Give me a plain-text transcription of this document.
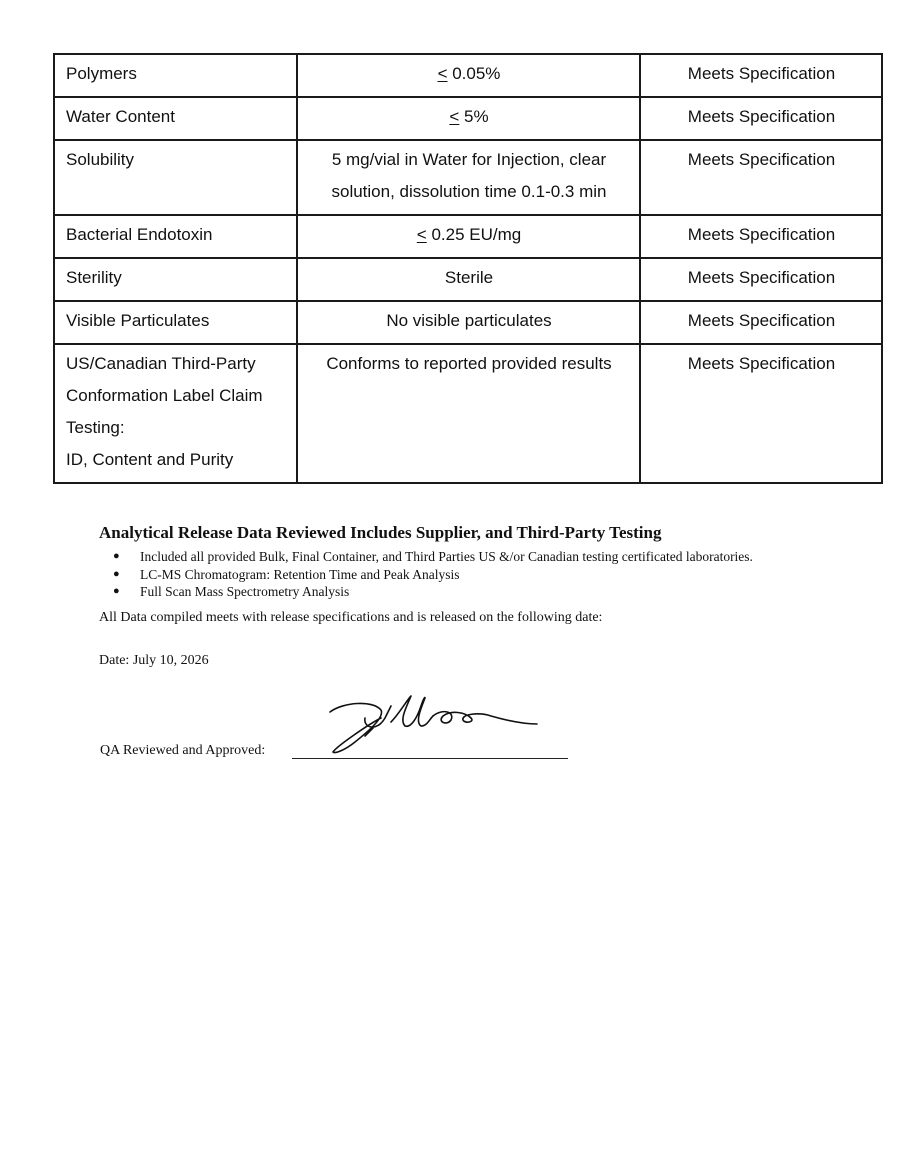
Polymers	≤ 0.05%	Meets Specification

Water Content	≤ 5%	Meets Specification

Solubility	5 mg/vial in Water for Injection, clear solution, dissolution time 0.1-0.3 min	Meets Specification

Bacterial Endotoxin	≤ 0.25 EU/mg	Meets Specification

Sterility	Sterile	Meets Specification

Visible Particulates	No visible particulates	Meets Specification

US/Canadian Third-Party
Conformation Label Claim
Testing:
ID, Content and Purity	Conforms to reported provided results	Meets Specification
Analytical Release Data Reviewed Includes Supplier, and Third-Party Testing
● Included all provided Bulk, Final Container, and Third Parties US &/or Canadian testing certificated laboratories.
● LC-MS Chromatogram: Retention Time and Peak Analysis
● Full Scan Mass Spectrometry Analysis

All Data compiled meets with release specifications and is released on the following date:

Date: July 10, 2026

QA Reviewed and Approved:
